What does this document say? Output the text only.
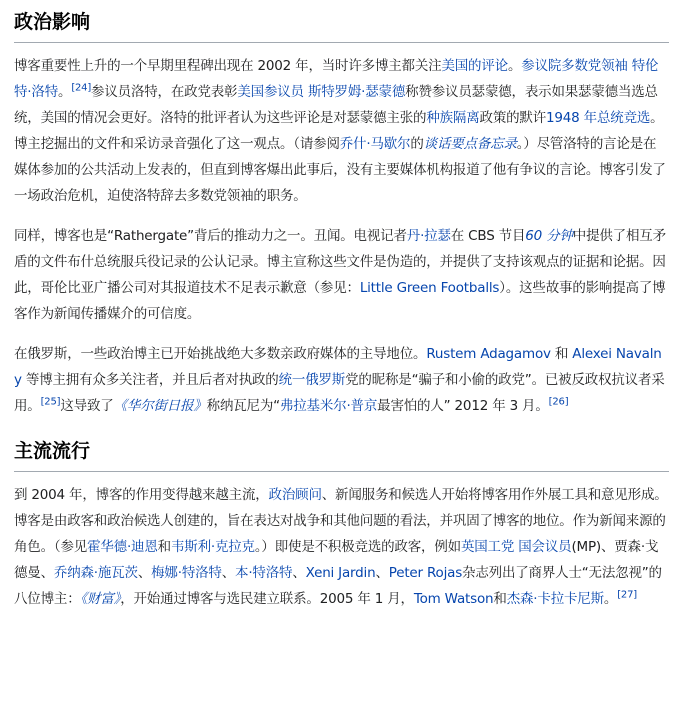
政治影响

博客重要性上升的一个早期里程碑出现在 2002 年，当时许多博主都关注美国的评论。参议院多数党领袖 特伦特·洛特。[24]参议员洛特，在政党表彰美国参议员 斯特罗姆·瑟蒙德称赞参议员瑟蒙德，表示如果瑟蒙德当选总统，美国的情况会更好。洛特的批评者认为这些评论是对瑟蒙德主张的种族隔离政策的默许1948 年总统竞选。博主挖掘出的文件和采访录音强化了这一观点。（请参阅乔什·马歇尔的谈话要点备忘录。）尽管洛特的言论是在媒体参加的公共活动上发表的，但直到博客爆出此事后，没有主要媒体机构报道了他有争议的言论。博客引发了一场政治危机，迫使洛特辞去多数党领袖的职务。

同样，博客也是“Rathergate”背后的推动力之一。丑闻。电视记者丹·拉瑟在 CBS 节目60 分钟中提供了相互矛盾的文件布什总统服兵役记录的公认记录。博主宣称这些文件是伪造的，并提供了支持该观点的证据和论据。因此，哥伦比亚广播公司对其报道技术不足表示歉意（参见：Little Green Footballs）。这些故事的影响提高了博客作为新闻传播媒介的可信度。

在俄罗斯，一些政治博主已开始挑战绝大多数亲政府媒体的主导地位。Rustem Adagamov 和 Alexei Navalny 等博主拥有众多关注者，并且后者对执政的统一俄罗斯党的昵称是“骗子和小偷的政党”。已被反政权抗议者采用。[25]这导致了《华尔街日报》称纳瓦尼为“弗拉基米尔·普京最害怕的人” 2012 年 3 月。[26]

主流流行

到 2004 年，博客的作用变得越来越主流，政治顾问、新闻服务和候选人开始将博客用作外展工具和意见形成。博客是由政客和政治候选人创建的，旨在表达对战争和其他问题的看法，并巩固了博客的地位。作为新闻来源的角色。（参见霍华德·迪恩和韦斯利·克拉克。）即使是不积极竞选的政客，例如英国工党 国会议员(MP)、贾森·戈德曼、乔纳森·施瓦茨、梅娜·特洛特、本·特洛特、Xeni Jardin、Peter Rojas杂志列出了商界人士“无法忽视”的八位博主：《财富》，开始通过博客与选民建立联系。2005 年 1 月，Tom Watson和杰森·卡拉卡尼斯。[27]
